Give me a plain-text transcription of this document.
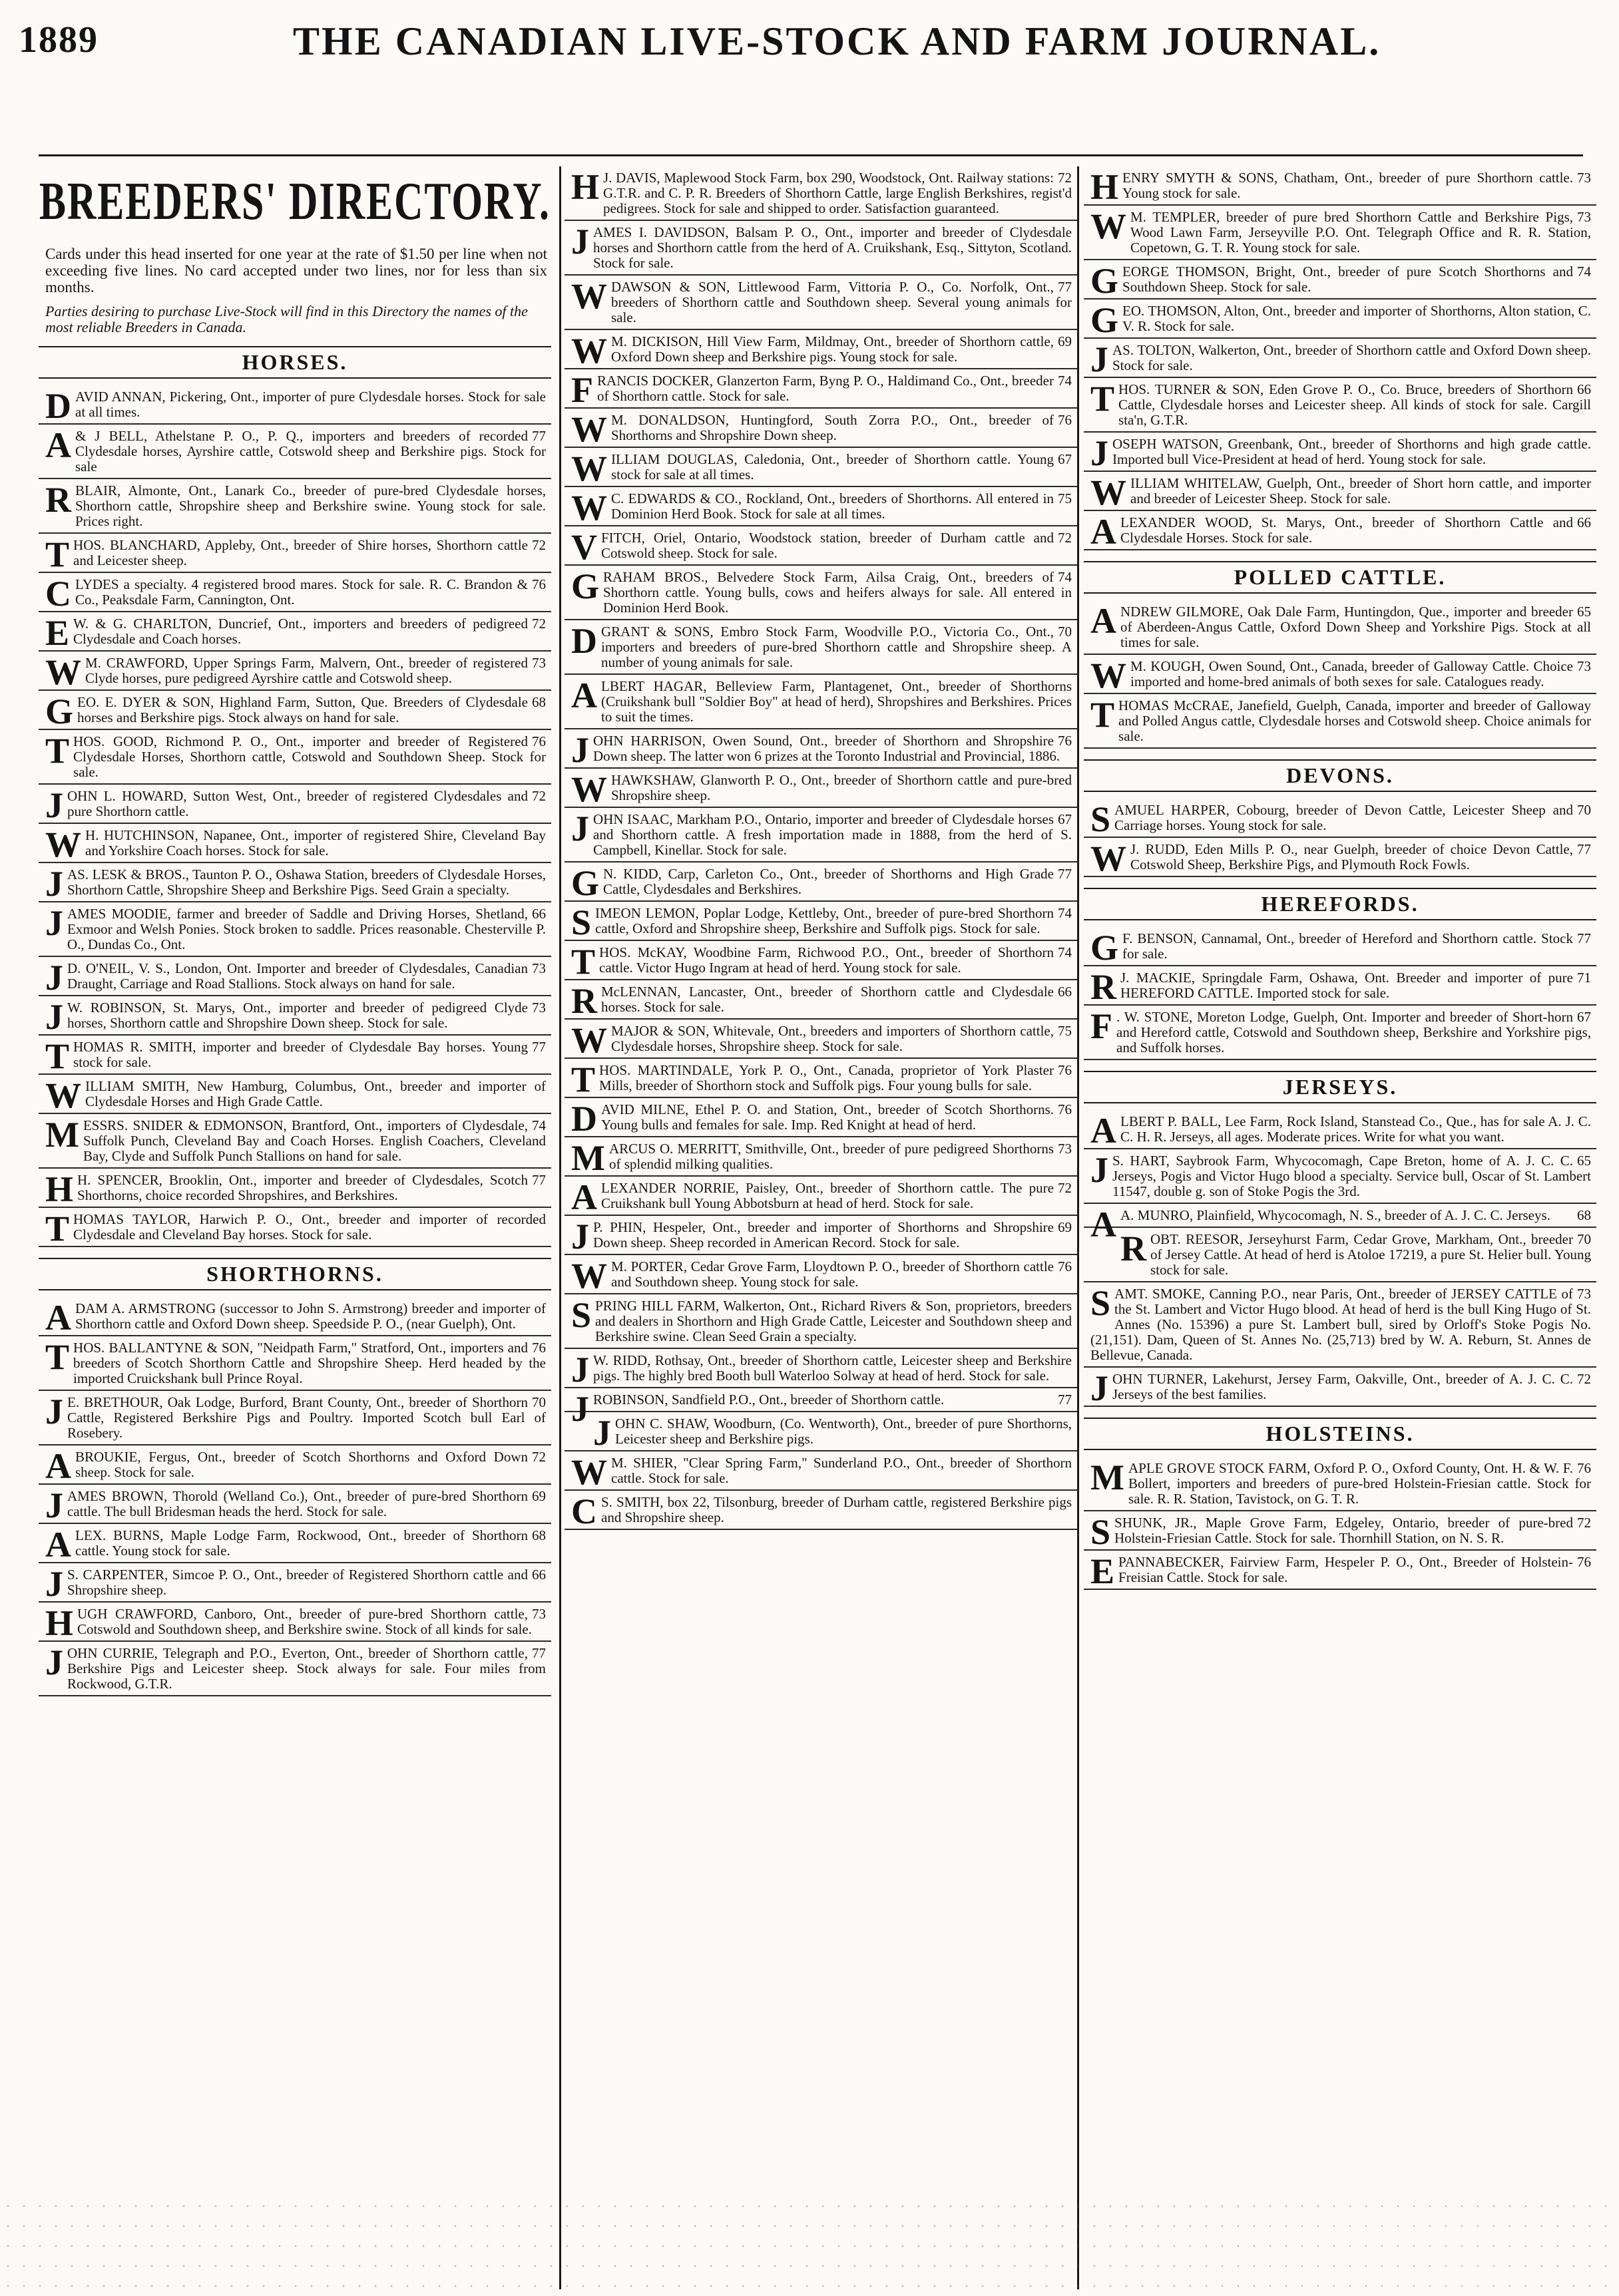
1889	THE CANADIAN LIVE-STOCK AND FARM JOURNAL.
BREEDERS' DIRECTORY.
Cards under this head inserted for one year at the rate of $1.50 per line when not exceeding five lines. No card accepted under two lines, nor for less than six months.
Parties desiring to purchase Live-Stock will find in this Directory the names of the most reliable Breeders in Canada.
HORSES.
DAVID ANNAN, Pickering, Ont., importer of pure Clydesdale horses. Stock for sale at all times.
A	77
& J BELL, Athelstane P. O., P. Q., importers and breeders of recorded Clydesdale horses, Ayrshire cattle, Cotswold sheep and Berkshire pigs. Stock for sale
RBLAIR, Almonte, Ont., Lanark Co., breeder of pure-bred Clydesdale horses, Shorthorn cattle, Shropshire sheep and Berkshire swine. Young stock for sale. Prices right.
T	72
HOS. BLANCHARD, Appleby, Ont., breeder of Shire horses, Shorthorn cattle and Leicester sheep.
C	76
LYDES a specialty. 4 registered brood mares. Stock for sale. R. C. Brandon & Co., Peaksdale Farm, Cannington, Ont.
E	72
W. & G. CHARLTON, Duncrief, Ont., importers and breeders of pedigreed Clydesdale and Coach horses.
W	73
M. CRAWFORD, Upper Springs Farm, Malvern, Ont., breeder of registered Clyde horses, pure pedigreed Ayrshire cattle and Cotswold sheep.
G	68
EO. E. DYER & SON, Highland Farm, Sutton, Que. Breeders of Clydesdale horses and Berkshire pigs. Stock always on hand for sale.
T	76
HOS. GOOD, Richmond P. O., Ont., importer and breeder of Registered Clydesdale Horses, Shorthorn cattle, Cotswold and Southdown Sheep. Stock for sale.
J	72
OHN L. HOWARD, Sutton West, Ont., breeder of registered Clydesdales and pure Shorthorn cattle.
W H. HUTCHINSON, Napanee, Ont., importer of registered Shire, Cleveland Bay and Yorkshire Coach horses. Stock for sale.
JAS. LESK & BROS., Taunton P. O., Oshawa Station, breeders of Clydesdale Horses, Shorthorn Cattle, Shropshire Sheep and Berkshire Pigs. Seed Grain a specialty.
J	66
AMES MOODIE, farmer and breeder of Saddle and Driving Horses, Shetland, Exmoor and Welsh Ponies. Stock broken to saddle. Prices reasonable. Chesterville P. O., Dundas Co., Ont.
J	73
D. O'NEIL, V. S., London, Ont. Importer and breeder of Clydesdales, Canadian Draught, Carriage and Road Stallions. Stock always on hand for sale.
J	73
W. ROBINSON, St. Marys, Ont., importer and breeder of pedigreed Clyde horses, Shorthorn cattle and Shropshire Down sheep. Stock for sale.
T	77
HOMAS R. SMITH, importer and breeder of Clydesdale Bay horses. Young stock for sale.
WILLIAM SMITH, New Hamburg, Columbus, Ont., breeder and importer of Clydesdale Horses and High Grade Cattle.
M	74
ESSRS. SNIDER & EDMONSON, Brantford, Ont., importers of Clydesdale, Suffolk Punch, Cleveland Bay and Coach Horses. English Coachers, Cleveland Bay, Clyde and Suffolk Punch Stallions on hand for sale.
H	77
H. SPENCER, Brooklin, Ont., importer and breeder of Clydesdales, Scotch Shorthorns, choice recorded Shropshires, and Berkshires.
THOMAS TAYLOR, Harwich P. O., Ont., breeder and importer of recorded Clydesdale and Cleveland Bay horses. Stock for sale.
SHORTHORNS.
ADAM A. ARMSTRONG (successor to John S. Armstrong) breeder and importer of Shorthorn cattle and Oxford Down sheep. Speedside P. O., (near Guelph), Ont.
T	76
HOS. BALLANTYNE & SON, "Neidpath Farm," Stratford, Ont., importers and breeders of Scotch Shorthorn Cattle and Shropshire Sheep. Herd headed by the imported Cruickshank bull Prince Royal.
J	70
E. BRETHOUR, Oak Lodge, Burford, Brant County, Ont., breeder of Shorthorn Cattle, Registered Berkshire Pigs and Poultry. Imported Scotch bull Earl of Rosebery.
A	72
BROUKIE, Fergus, Ont., breeder of Scotch Shorthorns and Oxford Down sheep. Stock for sale.
J	69
AMES BROWN, Thorold (Welland Co.), Ont., breeder of pure-bred Shorthorn cattle. The bull Bridesman heads the herd. Stock for sale.
A	68
LEX. BURNS, Maple Lodge Farm, Rockwood, Ont., breeder of Shorthorn cattle. Young stock for sale.
J	66
S. CARPENTER, Simcoe P. O., Ont., breeder of Registered Shorthorn cattle and Shropshire sheep.
H	73
UGH CRAWFORD, Canboro, Ont., breeder of pure-bred Shorthorn cattle, Cotswold and Southdown sheep, and Berkshire swine. Stock of all kinds for sale.
J	77
OHN CURRIE, Telegraph and P.O., Everton, Ont., breeder of Shorthorn cattle, Berkshire Pigs and Leicester sheep. Stock always for sale. Four miles from Rockwood, G.T.R.
H	72
J. DAVIS, Maplewood Stock Farm, box 290, Woodstock, Ont. Railway stations: G.T.R. and C. P. R. Breeders of Shorthorn Cattle, large English Berkshires, regist'd pedigrees. Stock for sale and shipped to order. Satisfaction guaranteed.
JAMES I. DAVIDSON, Balsam P. O., Ont., importer and breeder of Clydesdale horses and Shorthorn cattle from the herd of A. Cruikshank, Esq., Sittyton, Scotland. Stock for sale.
W	77
DAWSON & SON, Littlewood Farm, Vittoria P. O., Co. Norfolk, Ont., breeders of Shorthorn cattle and Southdown sheep. Several young animals for sale.
W	69
M. DICKISON, Hill View Farm, Mildmay, Ont., breeder of Shorthorn cattle, Oxford Down sheep and Berkshire pigs. Young stock for sale.
F	74
RANCIS DOCKER, Glanzerton Farm, Byng P. O., Haldimand Co., Ont., breeder of Shorthorn cattle. Stock for sale.
W	76
M. DONALDSON, Huntingford, South Zorra P.O., Ont., breeder of Shorthorns and Shropshire Down sheep.
W	67
ILLIAM DOUGLAS, Caledonia, Ont., breeder of Shorthorn cattle. Young stock for sale at all times.
W	75
C. EDWARDS & CO., Rockland, Ont., breeders of Shorthorns. All entered in Dominion Herd Book. Stock for sale at all times.
V	72
FITCH, Oriel, Ontario, Woodstock station, breeder of Durham cattle and Cotswold sheep. Stock for sale.
G	74
RAHAM BROS., Belvedere Stock Farm, Ailsa Craig, Ont., breeders of Shorthorn cattle. Young bulls, cows and heifers always for sale. All entered in Dominion Herd Book.
D	70
GRANT & SONS, Embro Stock Farm, Woodville P.O., Victoria Co., Ont., importers and breeders of pure-bred Shorthorn cattle and Shropshire sheep. A number of young animals for sale.
ALBERT HAGAR, Belleview Farm, Plantagenet, Ont., breeder of Shorthorns (Cruikshank bull "Soldier Boy" at head of herd), Shropshires and Berkshires. Prices to suit the times.
J	76
OHN HARRISON, Owen Sound, Ont., breeder of Shorthorn and Shropshire Down sheep. The latter won 6 prizes at the Toronto Industrial and Provincial, 1886.
WHAWKSHAW, Glanworth P. O., Ont., breeder of Shorthorn cattle and pure-bred Shropshire sheep.
J	67
OHN ISAAC, Markham P.O., Ontario, importer and breeder of Clydesdale horses and Shorthorn cattle. A fresh importation made in 1888, from the herd of S. Campbell, Kinellar. Stock for sale.
G	77
N. KIDD, Carp, Carleton Co., Ont., breeder of Shorthorns and High Grade Cattle, Clydesdales and Berkshires.
S	74
IMEON LEMON, Poplar Lodge, Kettleby, Ont., breeder of pure-bred Shorthorn cattle, Oxford and Shropshire sheep, Berkshire and Suffolk pigs. Stock for sale.
T	74
HOS. McKAY, Woodbine Farm, Richwood P.O., Ont., breeder of Shorthorn cattle. Victor Hugo Ingram at head of herd. Young stock for sale.
R	66
McLENNAN, Lancaster, Ont., breeder of Shorthorn cattle and Clydesdale horses. Stock for sale.
W	75
MAJOR & SON, Whitevale, Ont., breeders and importers of Shorthorn cattle, Clydesdale horses, Shropshire sheep. Stock for sale.
T	76
HOS. MARTINDALE, York P. O., Ont., Canada, proprietor of York Plaster Mills, breeder of Shorthorn stock and Suffolk pigs. Four young bulls for sale.
D	76
AVID MILNE, Ethel P. O. and Station, Ont., breeder of Scotch Shorthorns. Young bulls and females for sale. Imp. Red Knight at head of herd.
M	73
ARCUS O. MERRITT, Smithville, Ont., breeder of pure pedigreed Shorthorns of splendid milking qualities.
A	72
LEXANDER NORRIE, Paisley, Ont., breeder of Shorthorn cattle. The pure Cruikshank bull Young Abbotsburn at head of herd. Stock for sale.
J	69
P. PHIN, Hespeler, Ont., breeder and importer of Shorthorns and Shropshire Down sheep. Sheep recorded in American Record. Stock for sale.
W	76
M. PORTER, Cedar Grove Farm, Lloydtown P. O., breeder of Shorthorn cattle and Southdown sheep. Young stock for sale.
SPRING HILL FARM, Walkerton, Ont., Richard Rivers & Son, proprietors, breeders and dealers in Shorthorn and High Grade Cattle, Leicester and Southdown sheep and Berkshire swine. Clean Seed Grain a specialty.
J W. RIDD, Rothsay, Ont., breeder of Shorthorn cattle, Leicester sheep and Berkshire pigs. The highly bred Booth bull Waterloo Solway at head of herd. Stock for sale.
J	77
ROBINSON, Sandfield P.O., Ont., breeder of Shorthorn cattle.
JOHN C. SHAW, Woodburn, (Co. Wentworth), Ont., breeder of pure Shorthorns, Leicester sheep and Berkshire pigs.
W M. SHIER, "Clear Spring Farm," Sunderland P.O., Ont., breeder of Shorthorn cattle. Stock for sale.
C S. SMITH, box 22, Tilsonburg, breeder of Durham cattle, registered Berkshire pigs and Shropshire sheep.
H	73
ENRY SMYTH & SONS, Chatham, Ont., breeder of pure Shorthorn cattle. Young stock for sale.
W	73
M. TEMPLER, breeder of pure bred Shorthorn Cattle and Berkshire Pigs, Wood Lawn Farm, Jerseyville P.O. Ont. Telegraph Office and R. R. Station, Copetown, G. T. R. Young stock for sale.
G	74
EORGE THOMSON, Bright, Ont., breeder of pure Scotch Shorthorns and Southdown Sheep. Stock for sale.
GEO. THOMSON, Alton, Ont., breeder and importer of Shorthorns, Alton station, C. V. R. Stock for sale.
JAS. TOLTON, Walkerton, Ont., breeder of Shorthorn cattle and Oxford Down sheep. Stock for sale.
T	66
HOS. TURNER & SON, Eden Grove P. O., Co. Bruce, breeders of Shorthorn Cattle, Clydesdale horses and Leicester sheep. All kinds of stock for sale. Cargill sta'n, G.T.R.
JOSEPH WATSON, Greenbank, Ont., breeder of Shorthorns and high grade cattle. Imported bull Vice-President at head of herd. Young stock for sale.
WILLIAM WHITELAW, Guelph, Ont., breeder of Short horn cattle, and importer and breeder of Leicester Sheep. Stock for sale.
A	66
LEXANDER WOOD, St. Marys, Ont., breeder of Shorthorn Cattle and Clydesdale Horses. Stock for sale.
POLLED CATTLE.
A	65
NDREW GILMORE, Oak Dale Farm, Huntingdon, Que., importer and breeder of Aberdeen-Angus Cattle, Oxford Down Sheep and Yorkshire Pigs. Stock at all times for sale.
W	73
M. KOUGH, Owen Sound, Ont., Canada, breeder of Galloway Cattle. Choice imported and home-bred animals of both sexes for sale. Catalogues ready.
THOMAS McCRAE, Janefield, Guelph, Canada, importer and breeder of Galloway and Polled Angus cattle, Clydesdale horses and Cotswold sheep. Choice animals for sale.
DEVONS.
S	70
AMUEL HARPER, Cobourg, breeder of Devon Cattle, Leicester Sheep and Carriage horses. Young stock for sale.
W	77
J. RUDD, Eden Mills P. O., near Guelph, breeder of choice Devon Cattle, Cotswold Sheep, Berkshire Pigs, and Plymouth Rock Fowls.
HEREFORDS.
G	77
F. BENSON, Cannamal, Ont., breeder of Hereford and Shorthorn cattle. Stock for sale.
R	71
J. MACKIE, Springdale Farm, Oshawa, Ont. Breeder and importer of pure HEREFORD CATTLE. Imported stock for sale.
F	67
. W. STONE, Moreton Lodge, Guelph, Ont. Importer and breeder of Short-horn and Hereford cattle, Cotswold and Southdown sheep, Berkshire and Yorkshire pigs, and Suffolk horses.
JERSEYS.
ALBERT P. BALL, Lee Farm, Rock Island, Stanstead Co., Que., has for sale A. J. C. C. H. R. Jerseys, all ages. Moderate prices. Write for what you want.
J	65
S. HART, Saybrook Farm, Whycocomagh, Cape Breton, home of A. J. C. C. Jerseys, Pogis and Victor Hugo blood a specialty. Service bull, Oscar of St. Lambert 11547, double g. son of Stoke Pogis the 3rd.
A	68
A. MUNRO, Plainfield, Whycocomagh, N. S., breeder of A. J. C. C. Jerseys.
R	70
OBT. REESOR, Jerseyhurst Farm, Cedar Grove, Markham, Ont., breeder of Jersey Cattle. At head of herd is Atoloe 17219, a pure St. Helier bull. Young stock for sale.
S	73
AMT. SMOKE, Canning P.O., near Paris, Ont., breeder of JERSEY CATTLE of the St. Lambert and Victor Hugo blood. At head of herd is the bull King Hugo of St. Annes (No. 15396) a pure St. Lambert bull, sired by Orloff's Stoke Pogis No. (21,151). Dam, Queen of St. Annes No. (25,713) bred by W. A. Reburn, St. Annes de Bellevue, Canada.
J	72
OHN TURNER, Lakehurst, Jersey Farm, Oakville, Ont., breeder of A. J. C. C. Jerseys of the best families.
HOLSTEINS.
M	76
APLE GROVE STOCK FARM, Oxford P. O., Oxford County, Ont. H. & W. F. Bollert, importers and breeders of pure-bred Holstein-Friesian cattle. Stock for sale. R. R. Station, Tavistock, on G. T. R.
S	72
SHUNK, JR., Maple Grove Farm, Edgeley, Ontario, breeder of pure-bred Holstein-Friesian Cattle. Stock for sale. Thornhill Station, on N. S. R.
E	76
PANNABECKER, Fairview Farm, Hespeler P. O., Ont., Breeder of Holstein-Freisian Cattle. Stock for sale.
